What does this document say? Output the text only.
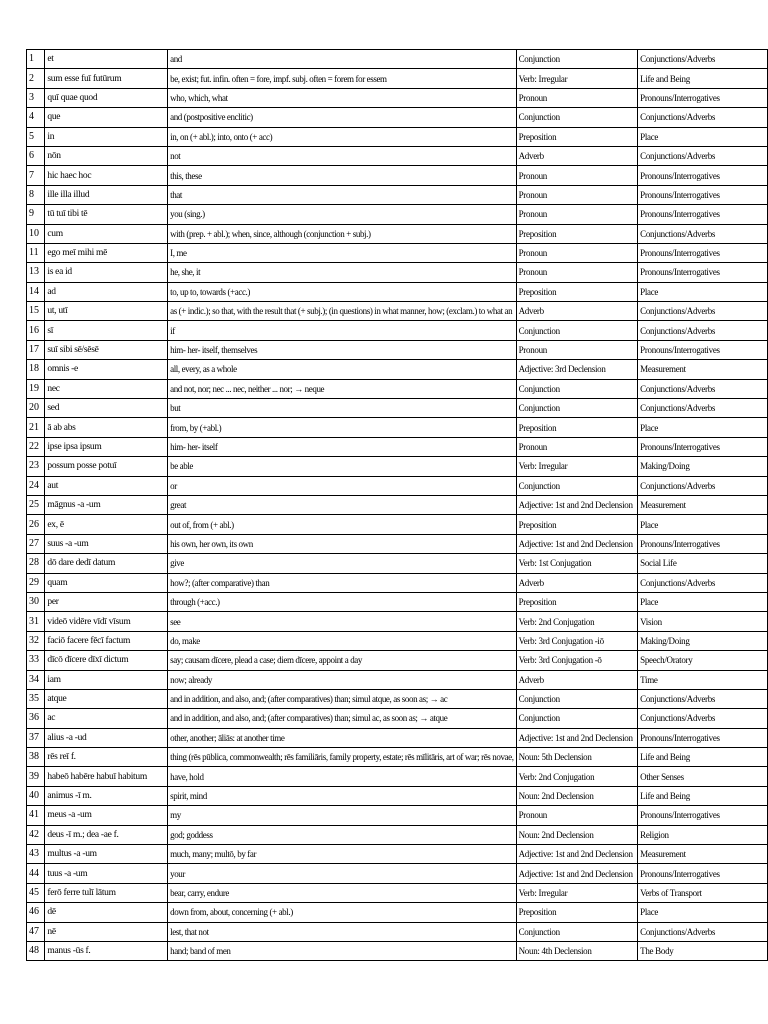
1	et	and	Conjunction	Conjunctions/Adverbs
2	sum esse fuī futūrum	be, exist; fut. infin. often = fore, impf. subj. often = forem for essem	Verb: Irregular	Life and Being
3	quī quae quod	who, which, what	Pronoun	Pronouns/Interrogatives
4	que	and (postpositive enclitic)	Conjunction	Conjunctions/Adverbs
5	in	in, on (+ abl.); into, onto (+ acc)	Preposition	Place
6	nōn	not	Adverb	Conjunctions/Adverbs
7	hic haec hoc	this, these	Pronoun	Pronouns/Interrogatives
8	ille illa illud	that	Pronoun	Pronouns/Interrogatives
9	tū tuī tibi tē	you (sing.)	Pronoun	Pronouns/Interrogatives
10	cum	with (prep. + abl.); when, since, although (conjunction + subj.)	Preposition	Conjunctions/Adverbs
11	ego meī mihi mē	I, me	Pronoun	Pronouns/Interrogatives
13	is ea id	he, she, it	Pronoun	Pronouns/Interrogatives
14	ad	to, up to, towards (+acc.)	Preposition	Place
15	ut, utī	as (+ indic.); so that, with the result that (+ subj.); (in questions) in what manner, how; (exclam.) to what an	Adverb	Conjunctions/Adverbs
16	sī	if	Conjunction	Conjunctions/Adverbs
17	suī sibi sē/sēsē	him- her- itself, themselves	Pronoun	Pronouns/Interrogatives
18	omnis -e	all, every, as a whole	Adjective: 3rd Declension	Measurement
19	nec	and not, nor; nec ... nec, neither ... nor; → neque	Conjunction	Conjunctions/Adverbs
20	sed	but	Conjunction	Conjunctions/Adverbs
21	ā ab abs	from, by (+abl.)	Preposition	Place
22	ipse ipsa ipsum	him- her- itself	Pronoun	Pronouns/Interrogatives
23	possum posse potuī	be able	Verb: Irregular	Making/Doing
24	aut	or	Conjunction	Conjunctions/Adverbs
25	māgnus -a -um	great	Adjective: 1st and 2nd Declension	Measurement
26	ex, ē	out of, from (+ abl.)	Preposition	Place
27	suus -a -um	his own, her own, its own	Adjective: 1st and 2nd Declension	Pronouns/Interrogatives
28	dō dare dedī datum	give	Verb: 1st Conjugation	Social Life
29	quam	how?; (after comparative) than	Adverb	Conjunctions/Adverbs
30	per	through (+acc.)	Preposition	Place
31	videō vidēre vīdī vīsum	see	Verb: 2nd Conjugation	Vision
32	faciō facere fēcī factum	do, make	Verb: 3rd Conjugation -iō	Making/Doing
33	dīcō dīcere dīxī dictum	say; causam dīcere, plead a case; diem dīcere, appoint a day	Verb: 3rd Conjugation -ō	Speech/Oratory
34	iam	now; already	Adverb	Time
35	atque	and in addition, and also, and; (after comparatives) than; simul atque, as soon as; → ac	Conjunction	Conjunctions/Adverbs
36	ac	and in addition, and also, and; (after comparatives) than; simul ac, as soon as; → atque	Conjunction	Conjunctions/Adverbs
37	alius -a -ud	other, another; āliās: at another time	Adjective: 1st and 2nd Declension	Pronouns/Interrogatives
38	rēs reī f.	thing (rēs pūblica, commonwealth; rēs familiāris, family property, estate; rēs mīlitāris, art of war; rēs novae,	Noun: 5th Declension	Life and Being
39	habeō habēre habuī habitum	have, hold	Verb: 2nd Conjugation	Other Senses
40	animus -ī m.	spirit, mind	Noun: 2nd Declension	Life and Being
41	meus -a -um	my	Pronoun	Pronouns/Interrogatives
42	deus -ī m.; dea -ae f.	god; goddess	Noun: 2nd Declension	Religion
43	multus -a -um	much, many; multō, by far	Adjective: 1st and 2nd Declension	Measurement
44	tuus -a -um	your	Adjective: 1st and 2nd Declension	Pronouns/Interrogatives
45	ferō ferre tulī lātum	bear, carry, endure	Verb: Irregular	Verbs of Transport
46	dē	down from, about, concerning (+ abl.)	Preposition	Place
47	nē	lest, that not	Conjunction	Conjunctions/Adverbs
48	manus -ūs f.	hand; band of men	Noun: 4th Declension	The Body
